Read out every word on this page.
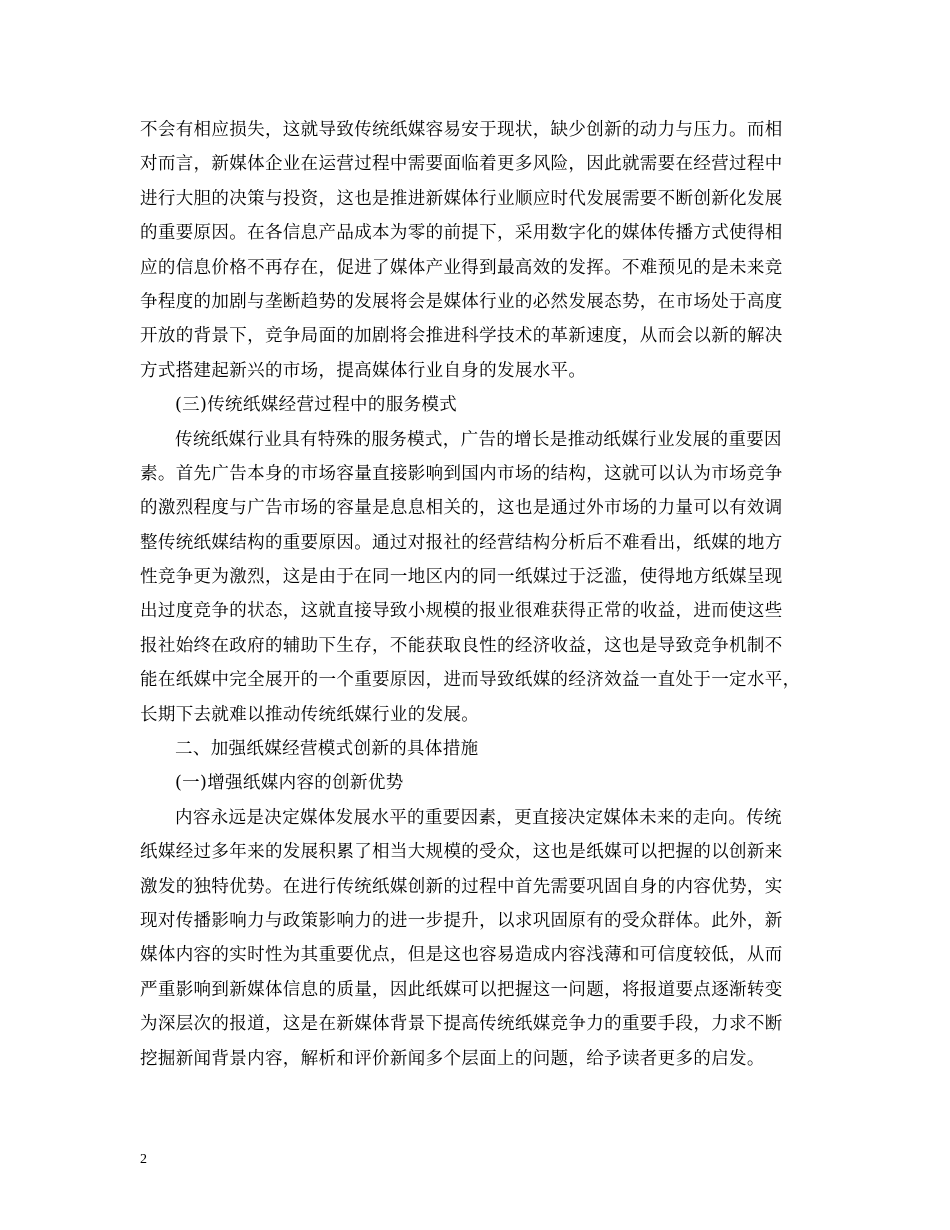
不会有相应损失，这就导致传统纸媒容易安于现状，缺少创新的动力与压力。而相
对而言，新媒体企业在运营过程中需要面临着更多风险，因此就需要在经营过程中
进行大胆的决策与投资，这也是推进新媒体行业顺应时代发展需要不断创新化发展
的重要原因。在各信息产品成本为零的前提下，采用数字化的媒体传播方式使得相
应的信息价格不再存在，促进了媒体产业得到最高效的发挥。不难预见的是未来竞
争程度的加剧与垄断趋势的发展将会是媒体行业的必然发展态势，在市场处于高度
开放的背景下，竞争局面的加剧将会推进科学技术的革新速度，从而会以新的解决
方式搭建起新兴的市场，提高媒体行业自身的发展水平。
(三)传统纸媒经营过程中的服务模式
传统纸媒行业具有特殊的服务模式，广告的增长是推动纸媒行业发展的重要因
素。首先广告本身的市场容量直接影响到国内市场的结构，这就可以认为市场竞争
的激烈程度与广告市场的容量是息息相关的，这也是通过外市场的力量可以有效调
整传统纸媒结构的重要原因。通过对报社的经营结构分析后不难看出，纸媒的地方
性竞争更为激烈，这是由于在同一地区内的同一纸媒过于泛滥，使得地方纸媒呈现
出过度竞争的状态，这就直接导致小规模的报业很难获得正常的收益，进而使这些
报社始终在政府的辅助下生存，不能获取良性的经济收益，这也是导致竞争机制不
能在纸媒中完全展开的一个重要原因，进而导致纸媒的经济效益一直处于一定水平，
长期下去就难以推动传统纸媒行业的发展。
二、加强纸媒经营模式创新的具体措施
(一)增强纸媒内容的创新优势
内容永远是决定媒体发展水平的重要因素，更直接决定媒体未来的走向。传统
纸媒经过多年来的发展积累了相当大规模的受众，这也是纸媒可以把握的以创新来
激发的独特优势。在进行传统纸媒创新的过程中首先需要巩固自身的内容优势，实
现对传播影响力与政策影响力的进一步提升，以求巩固原有的受众群体。此外，新
媒体内容的实时性为其重要优点，但是这也容易造成内容浅薄和可信度较低，从而
严重影响到新媒体信息的质量，因此纸媒可以把握这一问题，将报道要点逐渐转变
为深层次的报道，这是在新媒体背景下提高传统纸媒竞争力的重要手段，力求不断
挖掘新闻背景内容，解析和评价新闻多个层面上的问题，给予读者更多的启发。
2
